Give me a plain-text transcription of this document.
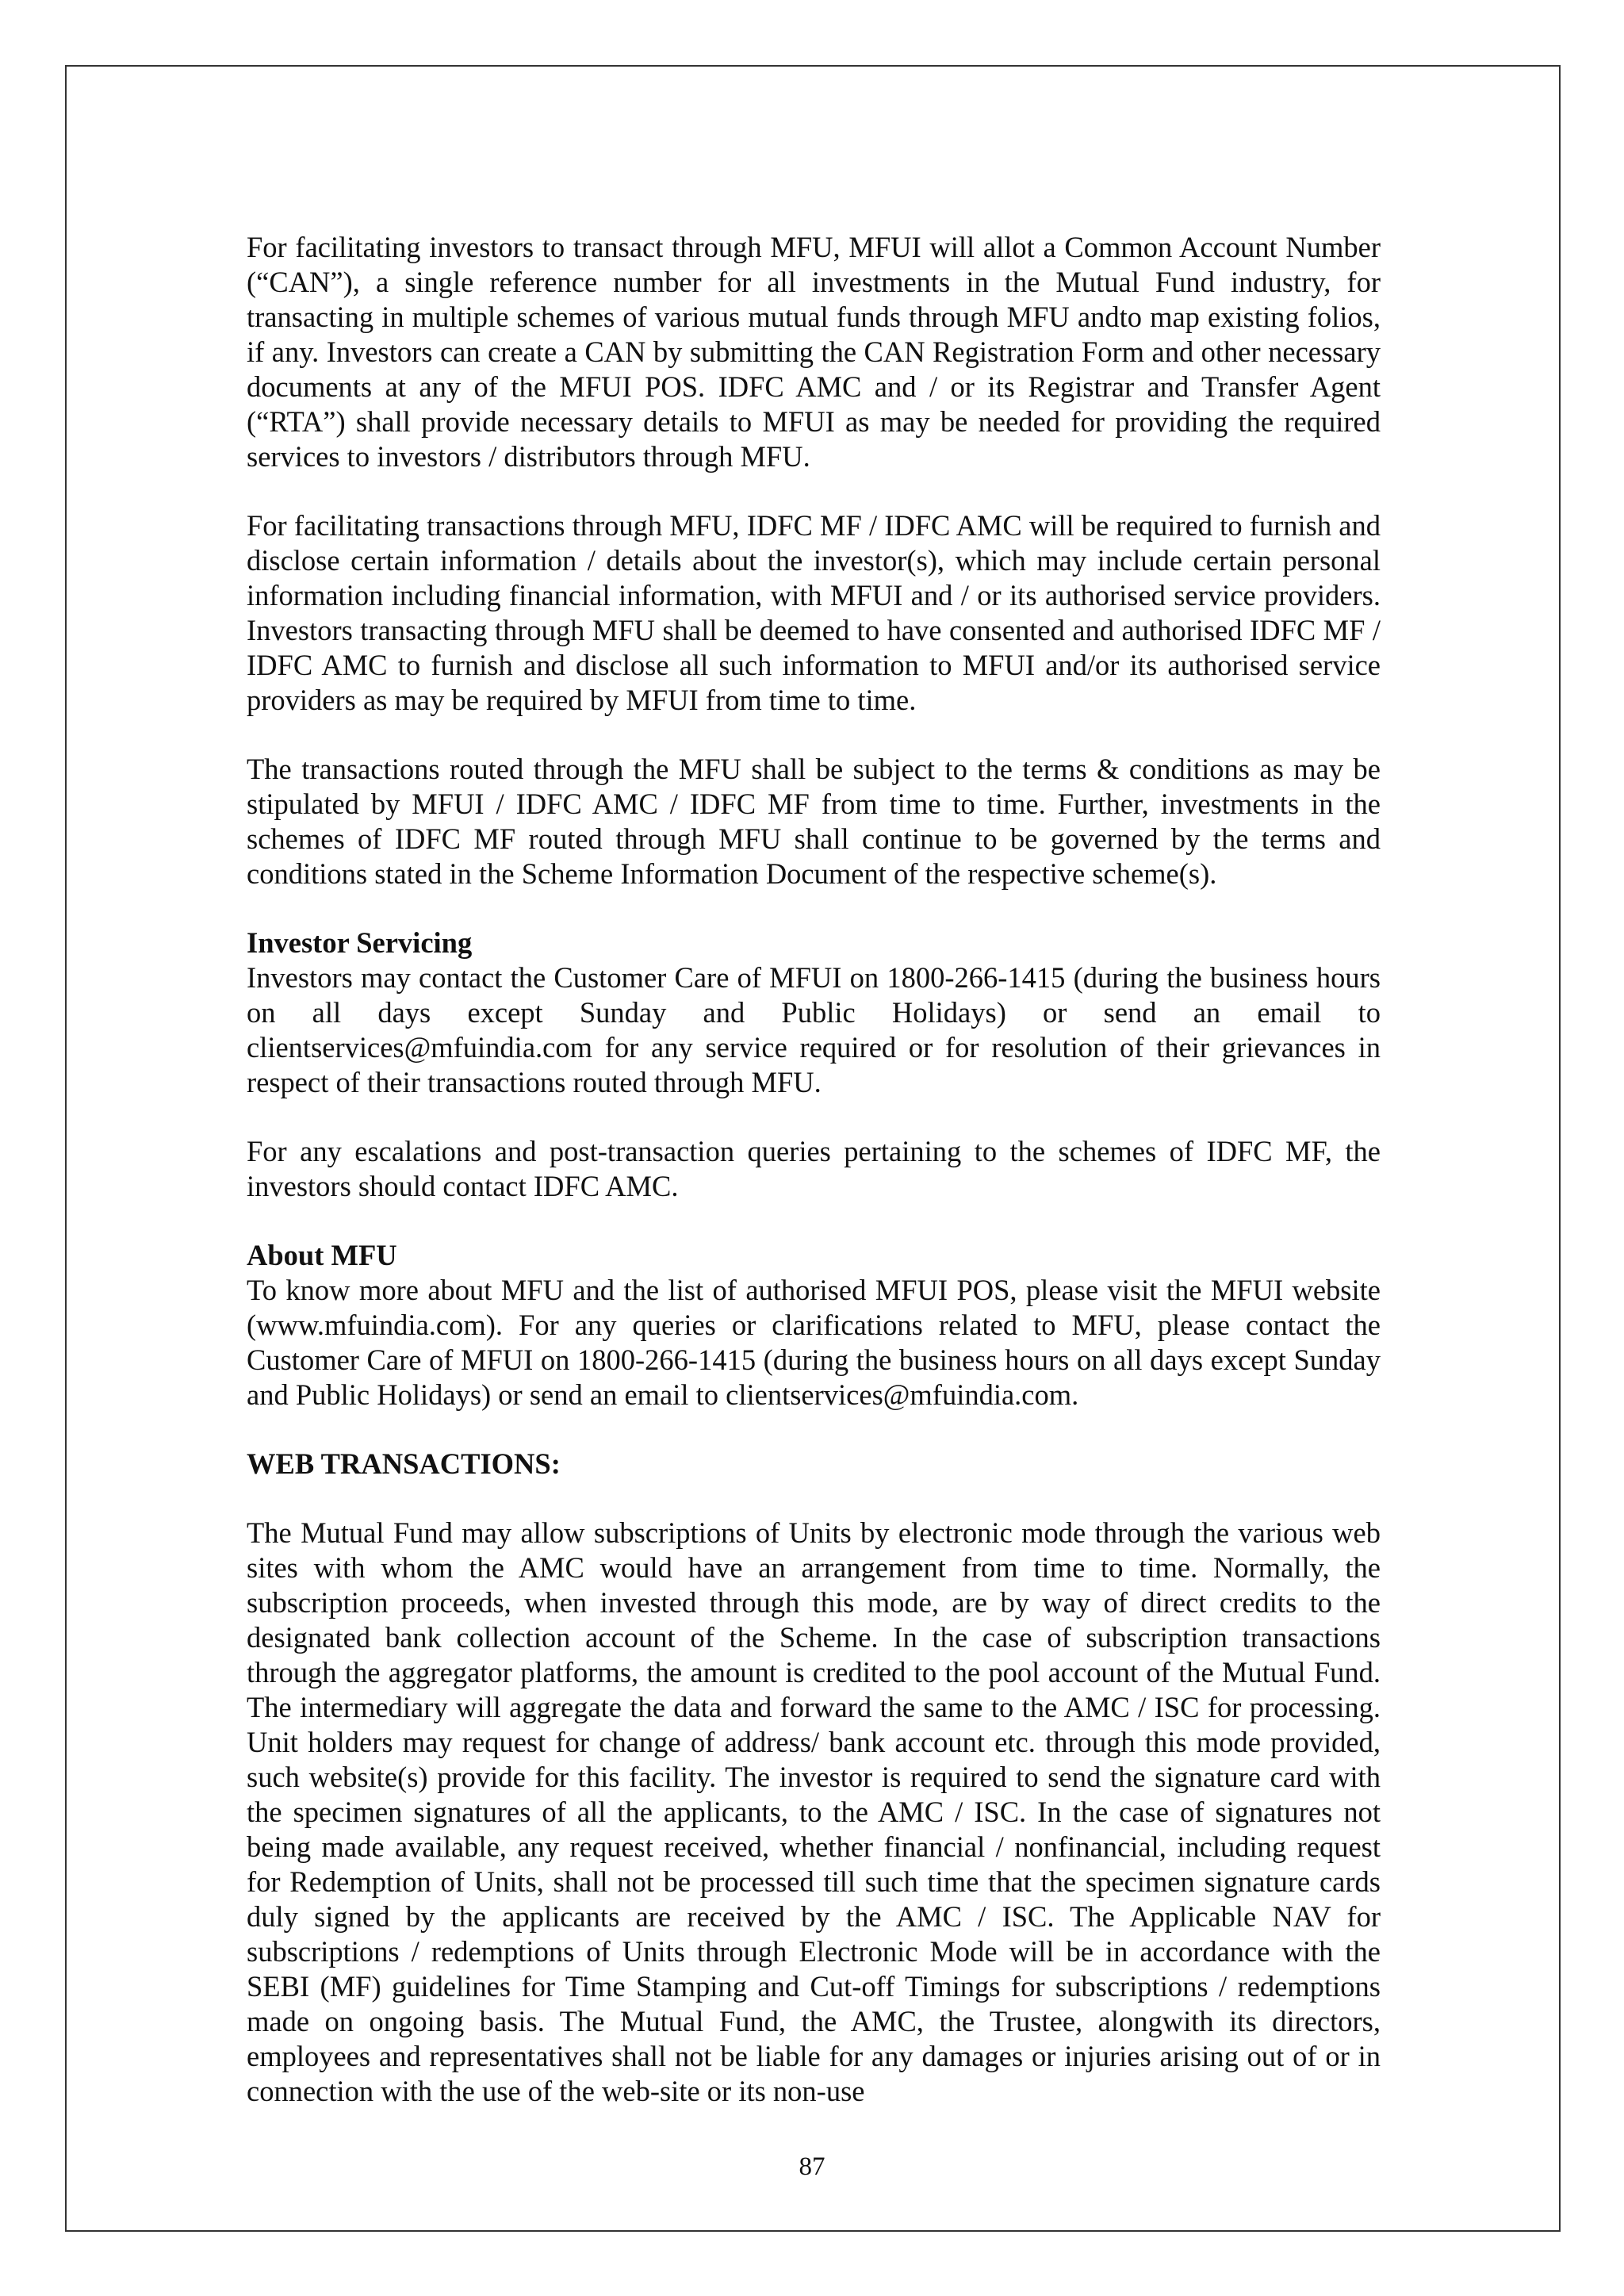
For facilitating investors to transact through MFU, MFUI will allot a Common Account Number (“CAN”), a single reference number for all investments in the Mutual Fund industry, for transacting in multiple schemes of various mutual funds through MFU andto map existing folios, if any. Investors can create a CAN by submitting the CAN Registration Form and other necessary documents at any of the MFUI POS. IDFC AMC and / or its Registrar and Transfer Agent (“RTA”) shall provide necessary details to MFUI as may be needed for providing the required services to investors / distributors through MFU.

For facilitating transactions through MFU, IDFC MF / IDFC AMC will be required to furnish and disclose certain information / details about the investor(s), which may include certain personal information including financial information, with MFUI and / or its authorised service providers. Investors transacting through MFU shall be deemed to have consented and authorised IDFC MF / IDFC AMC to furnish and disclose all such information to MFUI and/or its authorised service providers as may be required by MFUI from time to time.

The transactions routed through the MFU shall be subject to the terms & conditions as may be stipulated by MFUI / IDFC AMC / IDFC MF from time to time. Further, investments in the schemes of IDFC MF routed through MFU shall continue to be governed by the terms and conditions stated in the Scheme Information Document of the respective scheme(s).

Investor Servicing

Investors may contact the Customer Care of MFUI on 1800-266-1415 (during the business hours on all days except Sunday and Public Holidays) or send an email to clientservices@mfuindia.com for any service required or for resolution of their grievances in respect of their transactions routed through MFU.

For any escalations and post-transaction queries pertaining to the schemes of IDFC MF, the investors should contact IDFC AMC.

About MFU

To know more about MFU and the list of authorised MFUI POS, please visit the MFUI website (www.mfuindia.com). For any queries or clarifications related to MFU, please contact the Customer Care of MFUI on 1800-266-1415 (during the business hours on all days except Sunday and Public Holidays) or send an email to clientservices@mfuindia.com.

WEB TRANSACTIONS:

The Mutual Fund may allow subscriptions of Units by electronic mode through the various web sites with whom the AMC would have an arrangement from time to time. Normally, the subscription proceeds, when invested through this mode, are by way of direct credits to the designated bank collection account of the Scheme. In the case of subscription transactions through the aggregator platforms, the amount is credited to the pool account of the Mutual Fund. The intermediary will aggregate the data and forward the same to the AMC / ISC for processing. Unit holders may request for change of address/ bank account etc. through this mode provided, such website(s) provide for this facility. The investor is required to send the signature card with the specimen signatures of all the applicants, to the AMC / ISC. In the case of signatures not being made available, any request received, whether financial / nonfinancial, including request for Redemption of Units, shall not be processed till such time that the specimen signature cards duly signed by the applicants are received by the AMC / ISC. The Applicable NAV for subscriptions / redemptions of Units through Electronic Mode will be in accordance with the SEBI (MF) guidelines for Time Stamping and Cut-off Timings for subscriptions / redemptions made on ongoing basis. The Mutual Fund, the AMC, the Trustee, alongwith its directors, employees and representatives shall not be liable for any damages or injuries arising out of or in connection with the use of the web-site or its non-use

87
